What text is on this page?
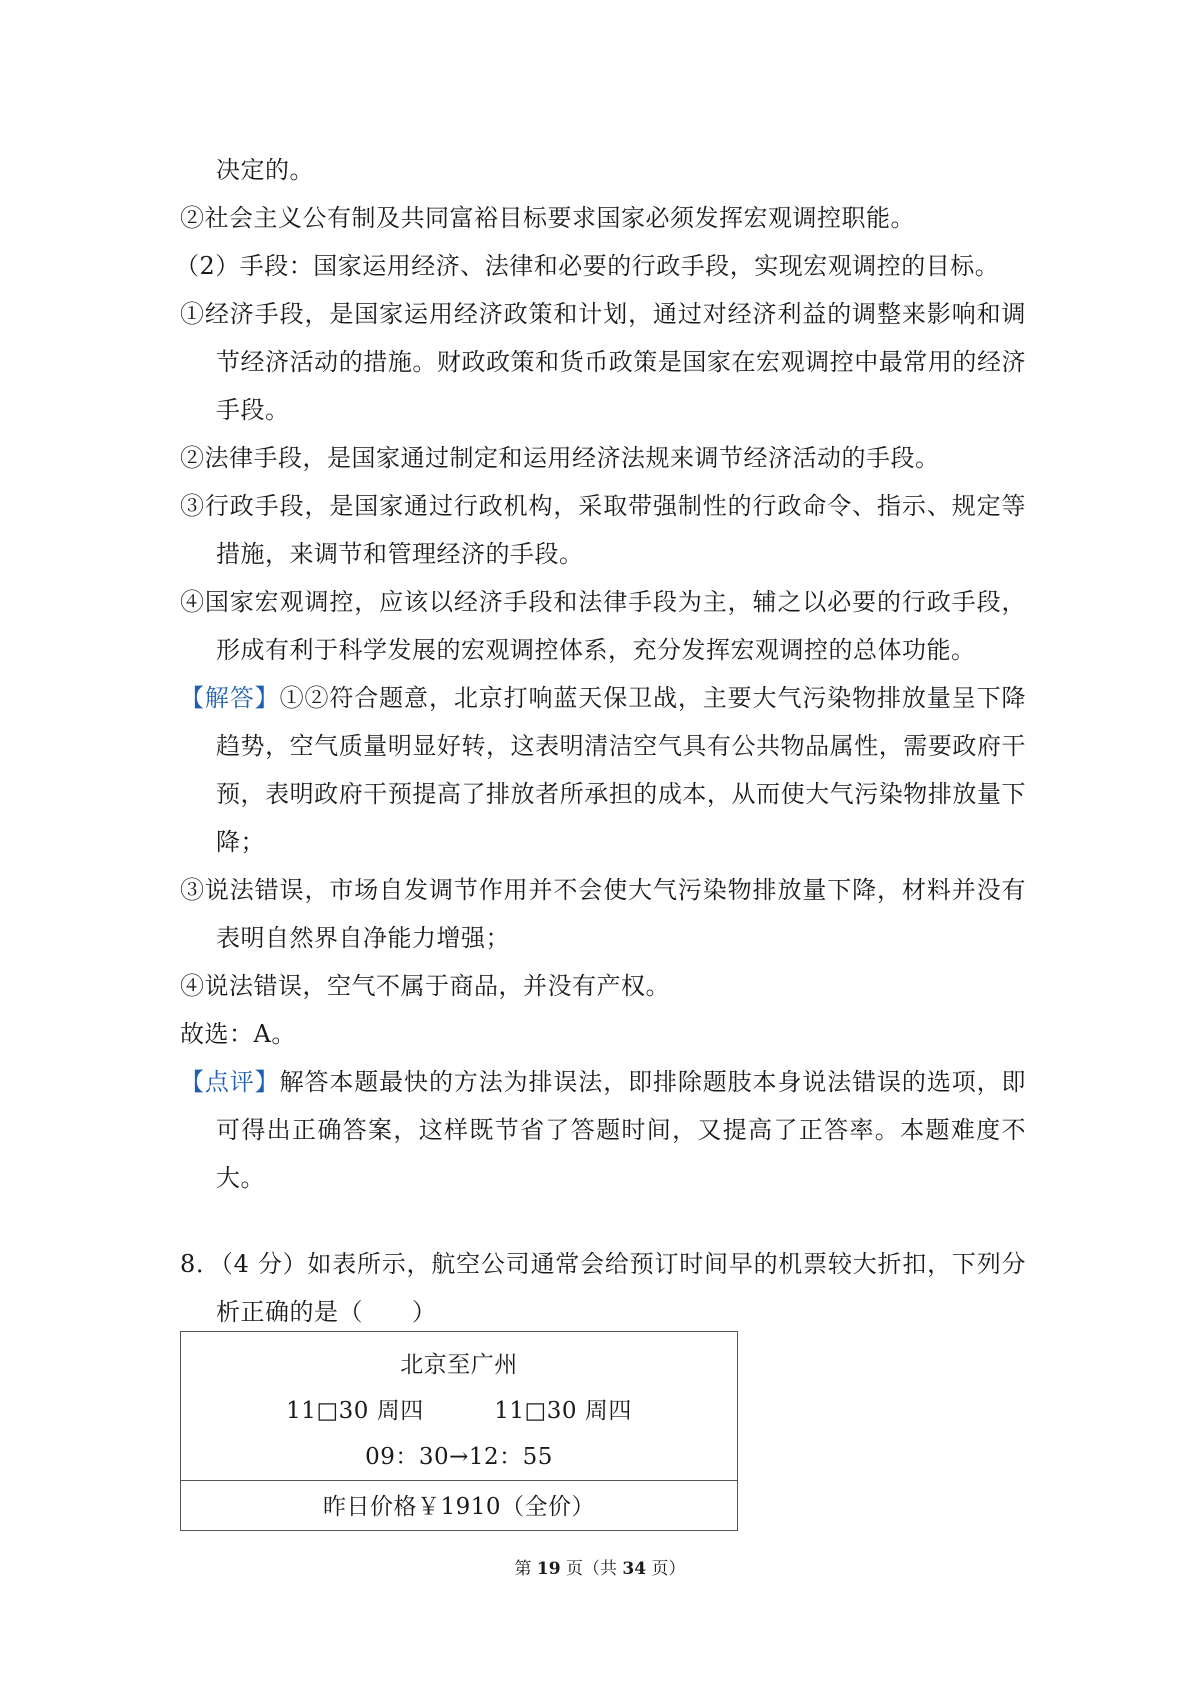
决定的。
②社会主义公有制及共同富裕目标要求国家必须发挥宏观调控职能。
（2）手段：国家运用经济、法律和必要的行政手段，实现宏观调控的目标。
①经济手段，是国家运用经济政策和计划，通过对经济利益的调整来影响和调
节经济活动的措施。财政政策和货币政策是国家在宏观调控中最常用的经济
手段。
②法律手段，是国家通过制定和运用经济法规来调节经济活动的手段。
③行政手段，是国家通过行政机构，采取带强制性的行政命令、指示、规定等
措施，来调节和管理经济的手段。
④国家宏观调控，应该以经济手段和法律手段为主，辅之以必要的行政手段，
形成有利于科学发展的宏观调控体系，充分发挥宏观调控的总体功能。
【解答】①②符合题意，北京打响蓝天保卫战，主要大气污染物排放量呈下降
趋势，空气质量明显好转，这表明清洁空气具有公共物品属性，需要政府干
预，表明政府干预提高了排放者所承担的成本，从而使大气污染物排放量下
降；
③说法错误，市场自发调节作用并不会使大气污染物排放量下降，材料并没有
表明自然界自净能力增强；
④说法错误，空气不属于商品，并没有产权。
故选：A。
【点评】解答本题最快的方法为排误法，即排除题肢本身说法错误的选项，即
可得出正确答案，这样既节省了答题时间，又提高了正答率。本题难度不
大。
8．（4 分）如表所示，航空公司通常会给预订时间早的机票较大折扣，下列分
析正确的是（　　）
北京至广州
11□30 周四　　　11□30 周四
09：30→12：55
昨日价格￥1910（全价）
第 19 页（共 34 页）
